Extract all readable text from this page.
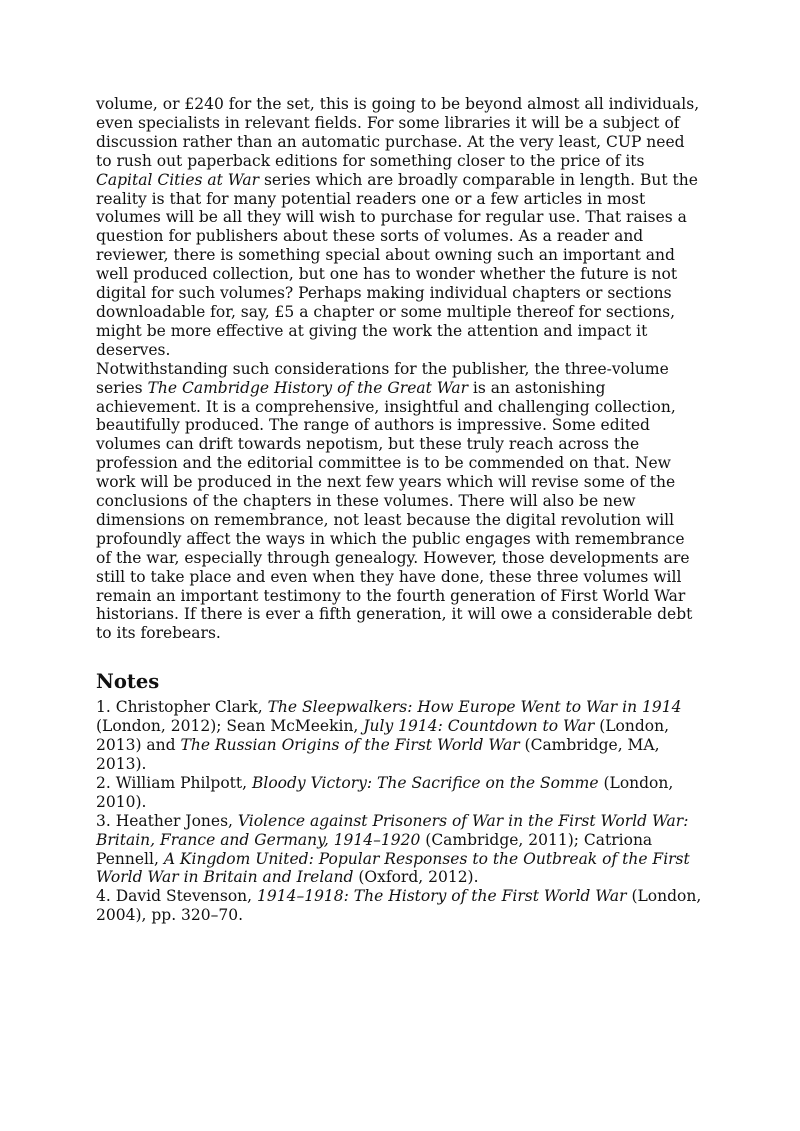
volume, or £240 for the set, this is going to be beyond almost all individuals, even specialists in relevant fields. For some libraries it will be a subject of discussion rather than an automatic purchase. At the very least, CUP need to rush out paperback editions for something closer to the price of its Capital Cities at War series which are broadly comparable in length. But the reality is that for many potential readers one or a few articles in most volumes will be all they will wish to purchase for regular use. That raises a question for publishers about these sorts of volumes. As a reader and reviewer, there is something special about owning such an important and well produced collection, but one has to wonder whether the future is not digital for such volumes? Perhaps making individual chapters or sections downloadable for, say, £5 a chapter or some multiple thereof for sections, might be more effective at giving the work the attention and impact it deserves.

Notwithstanding such considerations for the publisher, the three-volume series The Cambridge History of the Great War is an astonishing achievement. It is a comprehensive, insightful and challenging collection, beautifully produced. The range of authors is impressive. Some edited volumes can drift towards nepotism, but these truly reach across the profession and the editorial committee is to be commended on that. New work will be produced in the next few years which will revise some of the conclusions of the chapters in these volumes. There will also be new dimensions on remembrance, not least because the digital revolution will profoundly affect the ways in which the public engages with remembrance of the war, especially through genealogy. However, those developments are still to take place and even when they have done, these three volumes will remain an important testimony to the fourth generation of First World War historians. If there is ever a fifth generation, it will owe a considerable debt to its forebears.

Notes

1. Christopher Clark, The Sleepwalkers: How Europe Went to War in 1914 (London, 2012); Sean McMeekin, July 1914: Countdown to War (London, 2013) and The Russian Origins of the First World War (Cambridge, MA, 2013).

2. William Philpott, Bloody Victory: The Sacrifice on the Somme (London, 2010).

3. Heather Jones, Violence against Prisoners of War in the First World War: Britain, France and Germany, 1914–1920 (Cambridge, 2011); Catriona Pennell, A Kingdom United: Popular Responses to the Outbreak of the First World War in Britain and Ireland (Oxford, 2012).

4. David Stevenson, 1914–1918: The History of the First World War (London, 2004), pp. 320–70.
